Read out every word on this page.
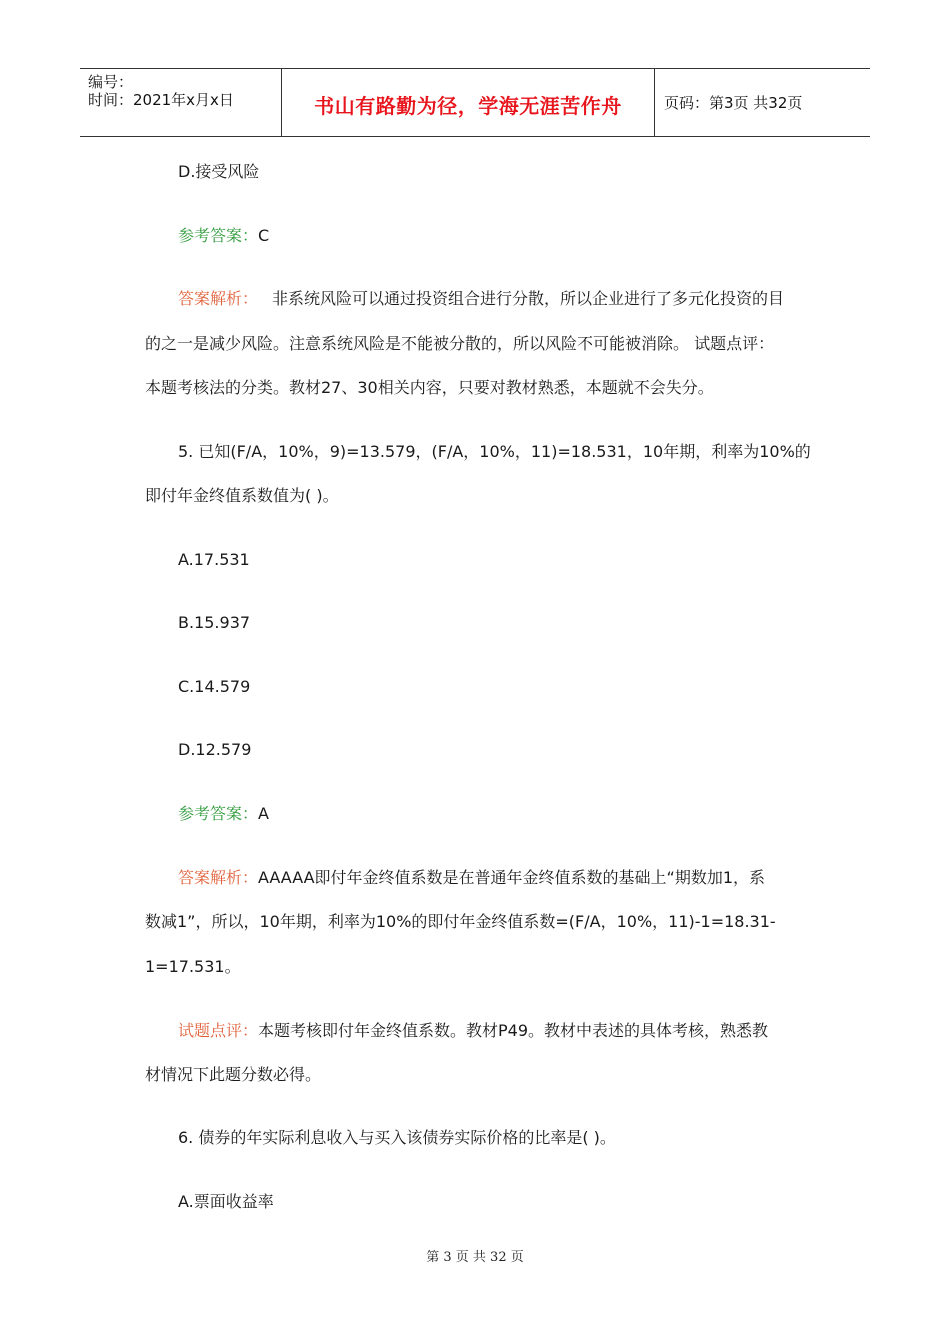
编号：
时间：2021年x月x日	书山有路勤为径，学海无涯苦作舟	页码：第3页 共32页
D.接受风险
参考答案：C
答案解析： 非系统风险可以通过投资组合进行分散，所以企业进行了多元化投资的目
的之一是减少风险。注意系统风险是不能被分散的，所以风险不可能被消除。 试题点评：
本题考核法的分类。教材27、30相关内容，只要对教材熟悉，本题就不会失分。
5. 已知(F/A，10%，9)=13.579，(F/A，10%，11)=18.531，10年期，利率为10%的
即付年金终值系数值为( )。
A.17.531
B.15.937
C.14.579
D.12.579
参考答案：A
答案解析：AAAAA即付年金终值系数是在普通年金终值系数的基础上“期数加1，系
数减1”，所以，10年期，利率为10%的即付年金终值系数=(F/A，10%，11)-1=18.31-
1=17.531。
试题点评：本题考核即付年金终值系数。教材P49。教材中表述的具体考核，熟悉教
材情况下此题分数必得。
6. 债券的年实际利息收入与买入该债券实际价格的比率是( )。
A.票面收益率
第 3 页 共 32 页
